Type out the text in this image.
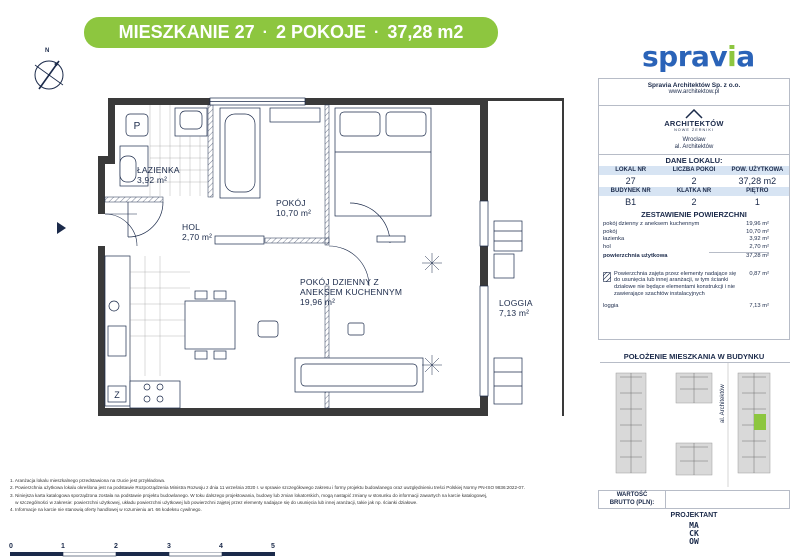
MIESZKANIE 27 · 2 POKOJE · 37,28 m2
spravia
Spravia Architektów Sp. z o.o.
www.architektow.pl
ARCHITEKTÓW
NOWE ŻERNIKI
Wrocław
al. Architektów
DANE LOKALU:
LOKAL NR	LICZBA POKOI	POW. UŻYTKOWA
27	2	37,28 m2
BUDYNEK NR	KLATKA NR	PIĘTRO
B1	2	1
ZESTAWIENIE POWIERZCHNI
pokój dzienny z aneksem kuchennym	19,96 m²
pokój	10,70 m²
łazienka	3,92 m²
hol	2,70 m²
powierzchnia użytkowa	37,28 m²
Powierzchnia zajęta przez elementy nadające się do usunięcia lub innej aranżacji, w tym ścianki działowe nie będące elementami konstrukcji i nie zawierające szachtów instalacyjnych
0,87 m²
loggia	7,13 m²
POŁOŻENIE MIESZKANIA W BUDYNKU
al. Architektów
WARTOŚĆ
BRUTTO (PLN):
PROJEKTANT
MA
CK
OW
N
P
Z
ŁAZIENKA
3,92 m²
HOL
2,70 m²
POKÓJ
10,70 m²
POKÓJ DZIENNY Z
ANEKSEM KUCHENNYM
19,96 m²	LOGGIA
7,13 m²
1. Aranżacja lokalu mieszkalnego przedstawiona na rzucie jest przykładowa.
2. Powierzchnia użytkowa lokalu określona jest na podstawie Rozporządzenia Ministra Rozwoju z dnia 11 września 2020 r. w sprawie szczegółowego zakresu i formy projektu budowlanego oraz uwzględnieniu treści Polskiej Normy PN-ISO 9836:2022-07.
3. Niniejsza karta katalogowa sporządzona została na podstawie projektu budowlanego. W toku dalszego projektowania, budowy lub zmian lokatorskich, mogą nastąpić zmiany w stosunku do informacji zawartych na karcie katalogowej,
w szczególności w zakresie: powierzchni użytkowej, układu powierzchni użytkowej lub powierzchni zajętej przez elementy nadające się do usunięcia lub innej aranżacji, takie jak np. ścianki działowe.
4. Informacje na karcie nie stanowią oferty handlowej w rozumieniu art. 66 kodeksu cywilnego.
0	1	2	3	4	5
